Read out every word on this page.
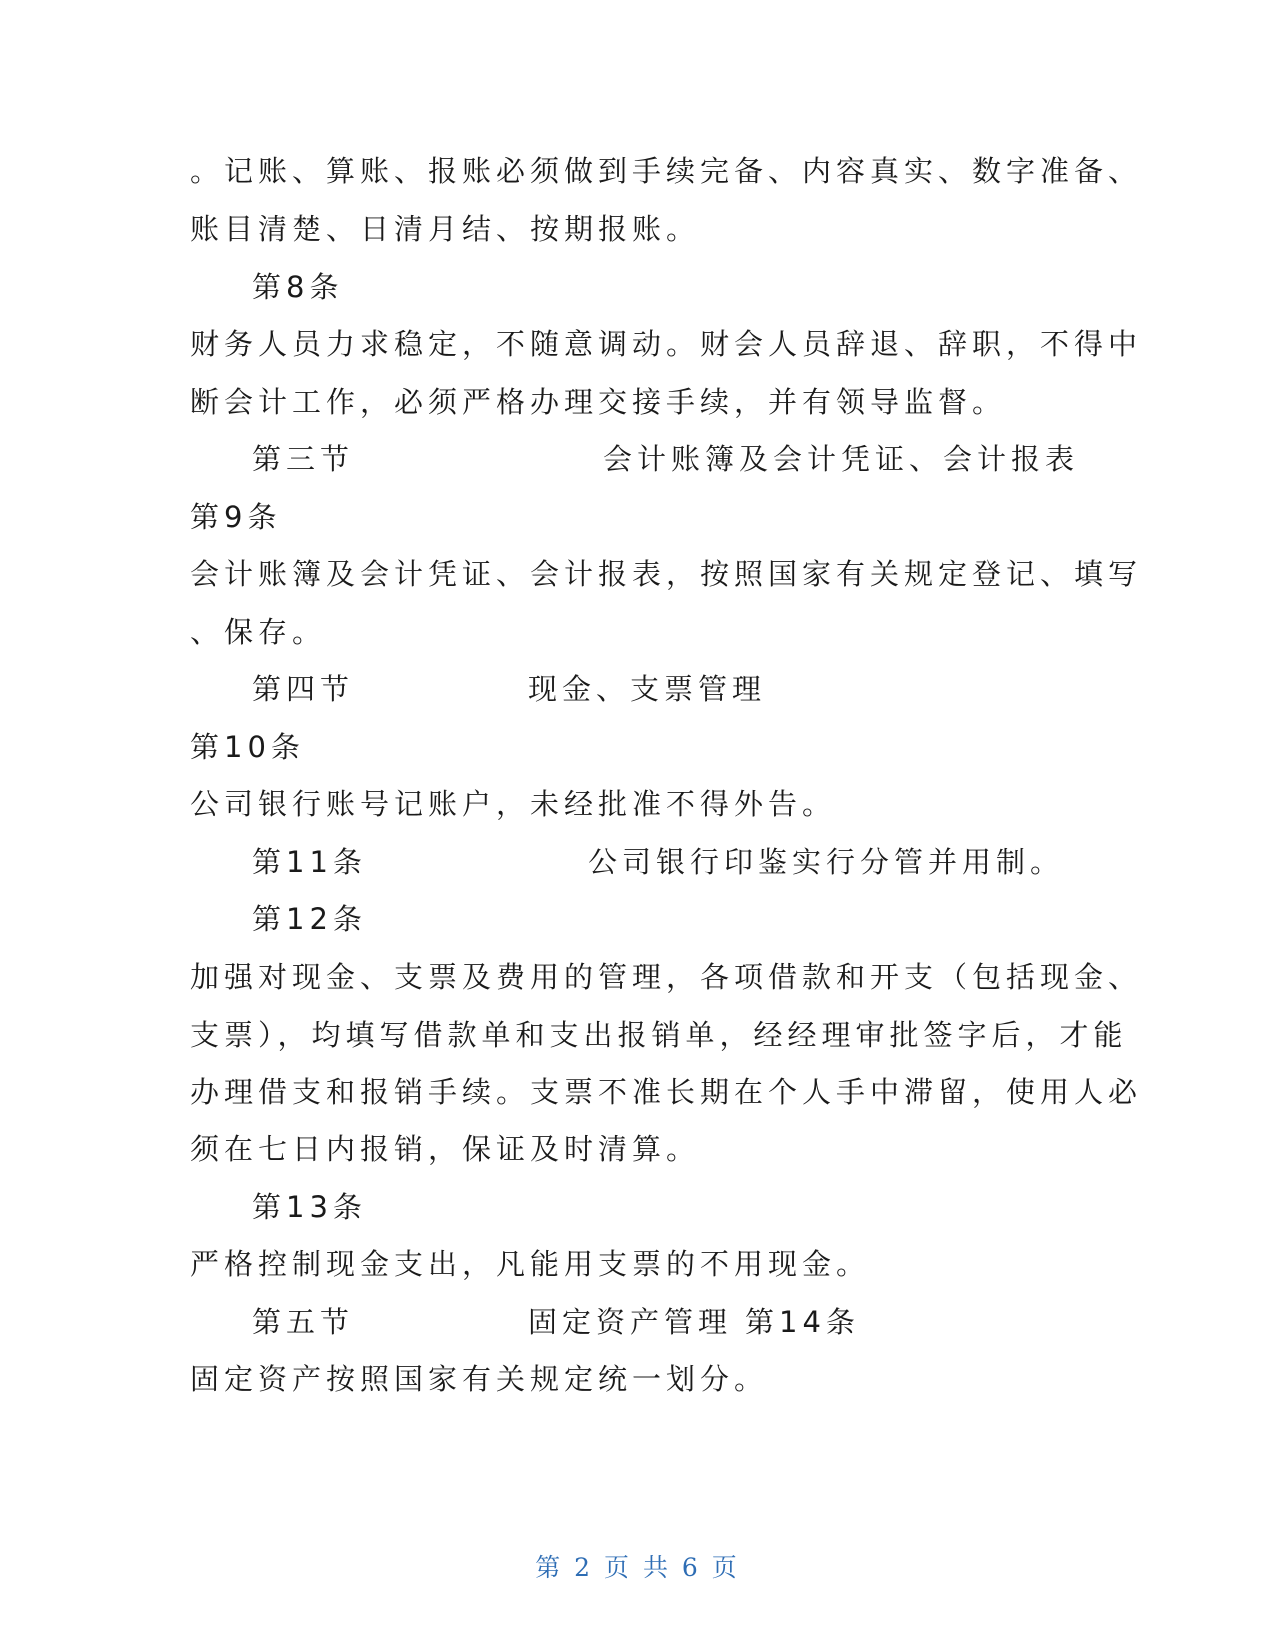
。记账、算账、报账必须做到手续完备、内容真实、数字准备、
账目清楚、日清月结、按期报账。
第8条
财务人员力求稳定，不随意调动。财会人员辞退、辞职，不得中
断会计工作，必须严格办理交接手续，并有领导监督。
第三节	会计账簿及会计凭证、会计报表
第9条
会计账簿及会计凭证、会计报表，按照国家有关规定登记、填写
、保存。
第四节	现金、支票管理
第10条
公司银行账号记账户，未经批准不得外告。
第11条	公司银行印鉴实行分管并用制。
第12条
加强对现金、支票及费用的管理，各项借款和开支（包括现金、
支票），均填写借款单和支出报销单，经经理审批签字后，才能
办理借支和报销手续。支票不准长期在个人手中滞留，使用人必
须在七日内报销，保证及时清算。
第13条
严格控制现金支出，凡能用支票的不用现金。
第五节	固定资产管理 第14条
固定资产按照国家有关规定统一划分。
第 2 页 共 6 页
